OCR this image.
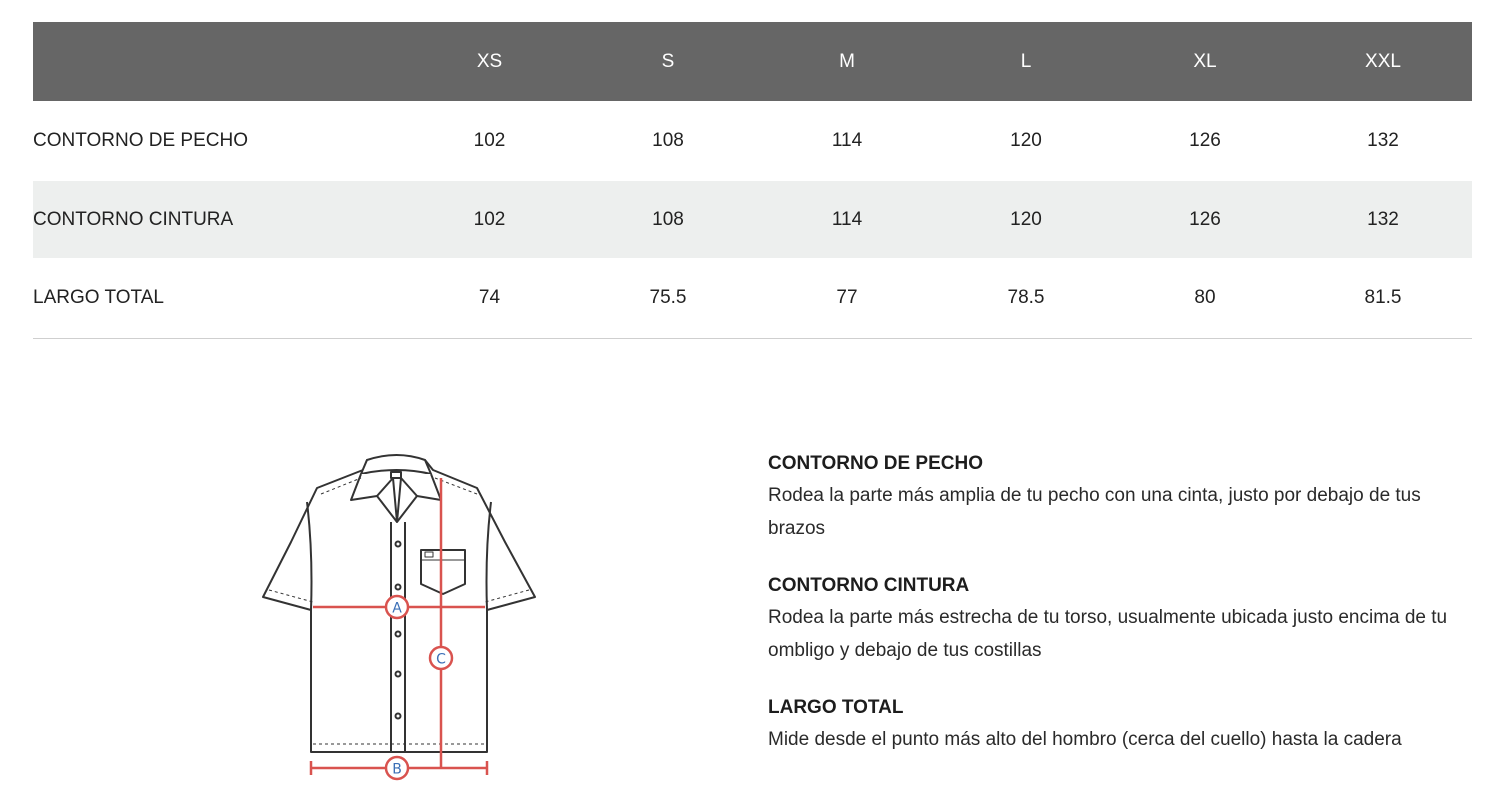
	XS	S	M	L	XL	XXL
CONTORNO DE PECHO	102	108	114	120	126	132
CONTORNO CINTURA	102	108	114	120	126	132
LARGO TOTAL	74	75.5	77	78.5	80	81.5
A
B
C
CONTORNO DE PECHO
Rodea la parte más amplia de tu pecho con una cinta, justo por debajo de tus brazos
CONTORNO CINTURA
Rodea la parte más estrecha de tu torso, usualmente ubicada justo encima de tu ombligo y debajo de tus costillas
LARGO TOTAL
Mide desde el punto más alto del hombro (cerca del cuello) hasta la cadera
